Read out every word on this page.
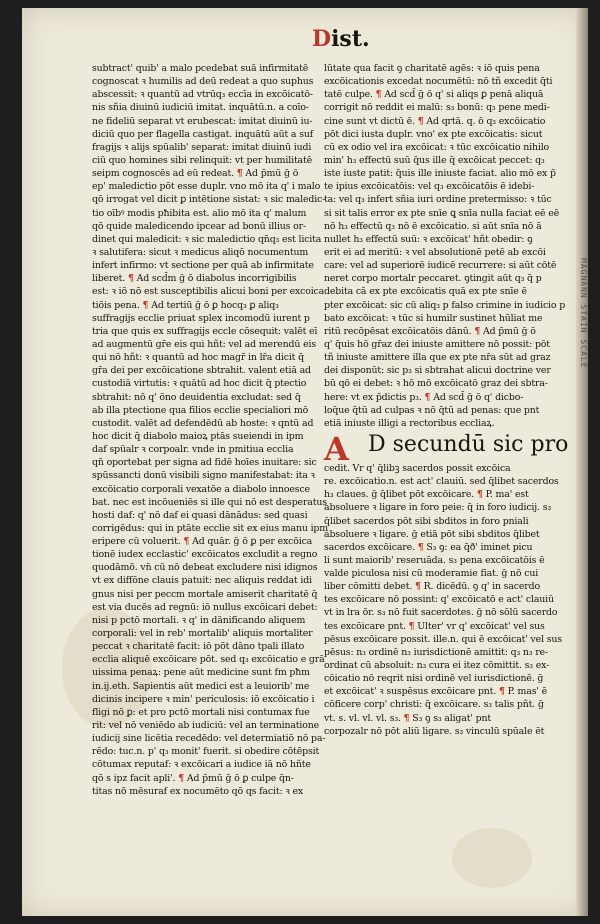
Dist.
MAGNANN STAIN SCALE
subtract' quib' a malo pcedebat suā infirmitatē
cognoscat ꝛ humilis ad deū redeat a quo suphus
abscessit: ꝛ quantū ad vtrūq₃ eccīa in excōicatō-
nis sñia diuinū iudiciū imitat. inquātū.n. a coīo-
ne fideliū separat vt erubescat: imitat diuinū iu-
diciū quo per flagella castigat. inquātū aūt a suf
fragijs ꝛ alijs spūalib' separat: imitat diuinū iudi
ciū quo homines sibi relinquit: vt per humilitatē
seipm cognoscēs ad eū redeat. ¶ Ad p̄mū ḡ ō
ep' maledictio pōt esse duplr. vno mō ita q' i malo
qō irrogat vel dicit ꝑ intētione sistat: ꝛ sic maledic-
tio oībꝰ modis pħibita est. alio mō ita q' malum
qō quide maledicendo ipcear ad bonū illius or-
dinet qui maledicit: ꝛ sic maledictio qn̄q₃ est licita
ꝛ salutifera: sicut ꝛ medicus aliqō nocumentum
infert infirmo: vt sectione per quā ab infirmitate
liberet. ¶ Ad scd̄m ḡ ō diabolus incorrigibilis
est: ꝛ iō nō est susceptibilis alicui boni per excoica
tiōis pena. ¶ Ad tertiū ḡ ō ꝑ hocq₃ ꝑ aliq₃
suffragijs ecclie priuat splex incomodū iurent p
tria que quis ex suffragijs eccle cōsequit: valēt eī
ad augmentū gr̄e eis qui hñt: vel ad merendū eis
qui nō hñt: ꝛ quantū ad hoc magr̄ in lr̄a dicit q̄
gr̄a dei per excōicatione sbtrahit. valent etiā ad
custodiā virtutis: ꝛ quātū ad hoc dicit q̄ ptectio
sbtrahit: nō q' ōno deuidentia excludat: sed q̄
ab illa ptectione qua filios ecclie specialiori mō
custodit. valēt ad defendēdū ab hoste: ꝛ qntū ad
hoc dicit q̄ diabolo maioꝝ ptās sueiendi in ipm
daf spūalr ꝛ corpoalr. vnde in pmitiua ecclia
qn̄ oportebat per signa ad fidē hoīes inuitare: sic
spūssancti donū visibili signo manifestabat: ita ꝛ
excōicatio corporali vexatōe a diabolo innoesce
bat. nec est incōueniēs si ille qui nō est desperatus
hosti daf: q' nō daf ei quasi dānādus: sed quasi
corrigēdus: qui in ptāte ecclie sit ex eius manu ipm
eripere cū voluerit. ¶ Ad quār. ḡ ō ꝑ per excōica
tionē iudex ecclastic' excōicatos excludit a regno
quodāmō. vn̄ cū nō debeat excludere nisi idignos
vt ex diffōne clauis patuit: nec aliquis reddat idi
gnus nisi per peccm mortale amiserit charitatē q̄
est via ducēs ad regnū: iō nullus excōicari debet:
nisi p pctō mortali. ꝛ q' in dānificando aliquem
corporali: vel in reb' mortalib' aliquis mortaliter
peccat ꝛ charitatē facit: iō pōt dāno tpali illato
ecclia aliquē excōicare pōt. sed q₃ excōicatio e grā
uissima penaꝝ: pene aūt medicine sunt fm pħm
in.ij.eth. Sapientis aūt medici est a leuiorib' me
dicinis incipere ꝛ min' periculosis: iō excōicatio i
fligi nō ꝑ: et pro pctō mortali nisi contumax fue
rit: vel nō veniēdo ab iudiciū: vel an terminatione
iudicij sine licētia recedēdo: vel determiatiō nō pa-
rēdo: tuc.n. p' q₃ monit' fuerit. si obedire cōtēpsit
cōtumax reputaf: ꝛ excōicari a iudice iā nō hñte
qō s ipz facit apli'. ¶ Ad p̄mū ḡ ō ꝑ culpe q̄n-
titas nō mēsuraf ex nocumēto qō qs facit: ꝛ ex
lūtate qua facit ꝯ charitatē agēs: ꝛ iō quis pena
excōicationis excedat nocumētū: nō tñ excedit q̄ti
tatē culpe. ¶ Ad scd̄ ḡ ō q' si aliqs ꝑ penā aliquā
corrigit nō reddit ei malū: s₃ bonū: q₃ pene medi-
cine sunt vt dictū ē. ¶ Ad qrtā. q. ō q₃ excōicatio
pōt dici iusta duplr. vno' ex pte excōicatis: sicut
cū ex odio vel ira excōicat: ꝛ tūc excōicatio nihilo
min' h₃ effectū suū q̄us ille q̄ excōicat peccet: q₃
iste iuste patit: q̄uis ille iniuste faciat. alio mō ex p̄
te ipius excōicatōis: vel q₃ excōicatōis ē idebi-
ta: vel q₃ infert sñia iuri ordine pretermisso: ꝛ tūc
si sit talis error ex pte snīe ꝗ snīa nulla faciat eē eē
nō h₃ effectū q₃ nō ē excōicatio. si aūt snīa nō ā
nullet h₃ effectū suū: ꝛ excōicat' hñt obedir: ꝯ
erit ei ad meritū: ꝛ vel absolutionē petē ab excōi
care: vel ad superiorē iudicē recurrere: si aūt cōtē
neret corpo mortalr peccaret. ꝯtingit aūt q₃ q̄ p
debita cā ex pte excōicatis quā ex pte snīe ē
pter excōicat: sic cū aliq₃ p falso crimine in iudicio p
bato excōicat: ꝛ tūc si humilr sustinet hūliat me
ritū recōpēsat excōicatōis dānū. ¶ Ad p̄mū ḡ ō
q' q̄uis hō gr̄az dei iniuste amittere nō possit: pōt
tñ iniuste amittere illa que ex pte nr̄a sūt ad graz
dei disponūt: sic p₃ si sbtrahat alicui doctrine ver
bū qō ei debet: ꝛ hō mō excōicatō graz dei sbtra-
here: vt ex p̄dictis p₃. ¶ Ad scd̄ ḡ ō q' dicbo-
loq̄ue q̄tū ad culpas ꝛ nō q̄tū ad penas: que pnt
etiā iniuste illigi a rectoribus eccliaꝝ.
A D secundū sic pro
cedit. Vr q' q̄libꝫ sacerdos possit excōica
re. excōicatio.n. est act' clauiū. sed q̄libet sacerdos
h₃ claues. ḡ q̄libet pōt excōicare. ¶ P. ma' est
absoluere ꝛ ligare in foro peie: q̄ in foro iudicij. s₃
q̄libet sacerdos pōt sibi sbditos in foro pniali
absoluere ꝛ ligare. ḡ etiā pōt sibi sbditos q̄libet
sacerdos excōicare. ¶ S₃ ꝯ: ea q̄ð' iminet picu
li sunt maiorib' reseruāda. s₃ pena excōicatōis ē
valde piculosa nisi cū moderamie fiat. ḡ nō cui
liber cōmitti debet. ¶ R. dicēdū. ꝯ q' in sacerdo
tes excōicare nō possint: q' excōicatō e act' clauiū
vt in lra ōr. s₃ nō fuit sacerdotes. ḡ nō sōlū sacerdo
tes excōicare pnt. ¶ Ulter' vr q' excōicat' vel sus
pēsus excōicare possit. ille.n. qui ē excōicat' vel sus
pēsus: n₃ ordinē n₃ iurisdictionē amittit: q₃ n₃ re-
ordinat cū absoluit: n₃ cura ei itez cōmittit. s₃ ex-
cōicatio nō reqrit nisi ordinē vel iurisdictionē. ḡ
et excōicat' ꝛ suspēsus excōicare pnt. ¶ P. mas' ē
cōficere corp' christi: q̄ excōicare. s₃ talis pñt. ḡ
vt. s. vl. vl. vl. s₃. ¶ S₃ ꝯ s₃ aligat' pnt
corpozalr nō pōt aliū ligare. s₃ vinculū spūale ēt
